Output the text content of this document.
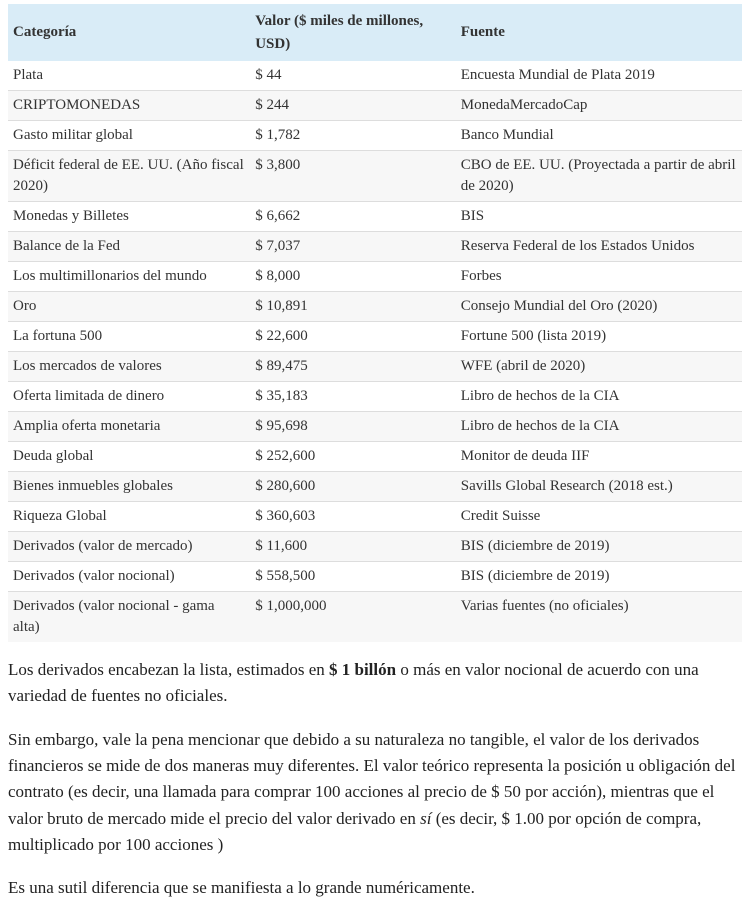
Categoría	Valor ($ miles de millones, USD)	Fuente
Plata	$ 44	Encuesta Mundial de Plata 2019
CRIPTOMONEDAS	$ 244	MonedaMercadoCap
Gasto militar global	$ 1,782	Banco Mundial
Déficit federal de EE. UU. (Año fiscal 2020)	$ 3,800	CBO de EE. UU. (Proyectada a partir de abril de 2020)
Monedas y Billetes	$ 6,662	BIS
Balance de la Fed	$ 7,037	Reserva Federal de los Estados Unidos
Los multimillonarios del mundo	$ 8,000	Forbes
Oro	$ 10,891	Consejo Mundial del Oro (2020)
La fortuna 500	$ 22,600	Fortune 500 (lista 2019)
Los mercados de valores	$ 89,475	WFE (abril de 2020)
Oferta limitada de dinero	$ 35,183	Libro de hechos de la CIA
Amplia oferta monetaria	$ 95,698	Libro de hechos de la CIA
Deuda global	$ 252,600	Monitor de deuda IIF
Bienes inmuebles globales	$ 280,600	Savills Global Research (2018 est.)
Riqueza Global	$ 360,603	Credit Suisse
Derivados (valor de mercado)	$ 11,600	BIS (diciembre de 2019)
Derivados (valor nocional)	$ 558,500	BIS (diciembre de 2019)
Derivados (valor nocional - gama alta)	$ 1,000,000	Varias fuentes (no oficiales)

Los derivados encabezan la lista, estimados en $ 1 billón o más en valor nocional de acuerdo con una variedad de fuentes no oficiales.

Sin embargo, vale la pena mencionar que debido a su naturaleza no tangible, el valor de los derivados financieros se mide de dos maneras muy diferentes. El valor teórico representa la posición u obligación del contrato (es decir, una llamada para comprar 100 acciones al precio de $ 50 por acción), mientras que el valor bruto de mercado mide el precio del valor derivado en sí (es decir, $ 1.00 por opción de compra, multiplicado por 100 acciones )

Es una sutil diferencia que se manifiesta a lo grande numéricamente.
